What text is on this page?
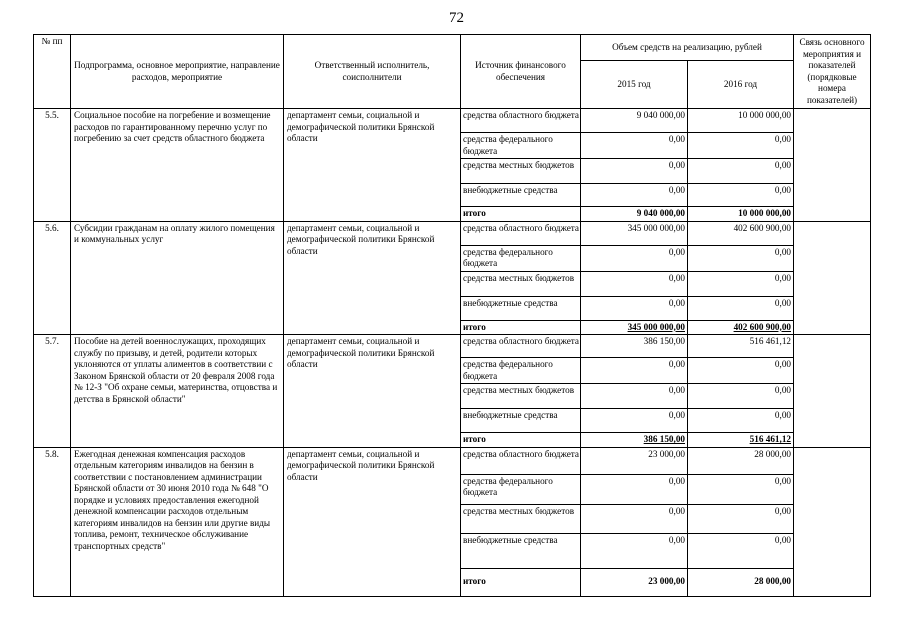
72
№ пп	Подпрограмма, основное мероприятие, направление расходов, мероприятие	Ответственный исполнитель, соисполнители	Источник финансового обеспечения	Объем средств на реализацию, рублей		Связь основного мероприятия и показателей (порядковые номера показателей)
				2015 год	2016 год	
5.5.	Социальное пособие на погребение и возмещение расходов по гарантированному перечню услуг по погребению за счет средств областного бюджета	департамент семьи, социальной и демографической политики Брянской области	средства областного бюджета	9 040 000,00	10 000 000,00	
			средства федерального бюджета	0,00	0,00	
			средства местных бюджетов	0,00	0,00	
			внебюджетные средства	0,00	0,00	
			итого	9 040 000,00	10 000 000,00	
5.6.	Субсидии гражданам на оплату жилого помещения и коммунальных услуг	департамент семьи, социальной и демографической политики Брянской области	средства областного бюджета	345 000 000,00	402 600 900,00	
			средства федерального бюджета	0,00	0,00	
			средства местных бюджетов	0,00	0,00	
			внебюджетные средства	0,00	0,00	
			итого	345 000 000,00	402 600 900,00	
5.7.	Пособие на детей военнослужащих, проходящих службу по призыву, и детей, родители которых уклоняются от уплаты алиментов в соответствии с Законом Брянской области от 20 февраля 2008 года № 12-З "Об охране семьи, материнства, отцовства и детства в Брянской области"	департамент семьи, социальной и демографической политики Брянской области	средства областного бюджета	386 150,00	516 461,12	
			средства федерального бюджета	0,00	0,00	
			средства местных бюджетов	0,00	0,00	
			внебюджетные средства	0,00	0,00	
			итого	386 150,00	516 461,12	
5.8.	Ежегодная денежная компенсация расходов отдельным категориям инвалидов на бензин в соответствии с постановлением администрации Брянской области от 30 июня 2010 года № 648 "О порядке и условиях предоставления ежегодной денежной компенсации расходов отдельным категориям инвалидов на бензин или другие виды топлива, ремонт, техническое обслуживание транспортных средств"	департамент семьи, социальной и демографической политики Брянской области	средства областного бюджета	23 000,00	28 000,00	
			средства федерального бюджета	0,00	0,00	
			средства местных бюджетов	0,00	0,00	
			внебюджетные средства	0,00	0,00	
			итого	23 000,00	28 000,00	
